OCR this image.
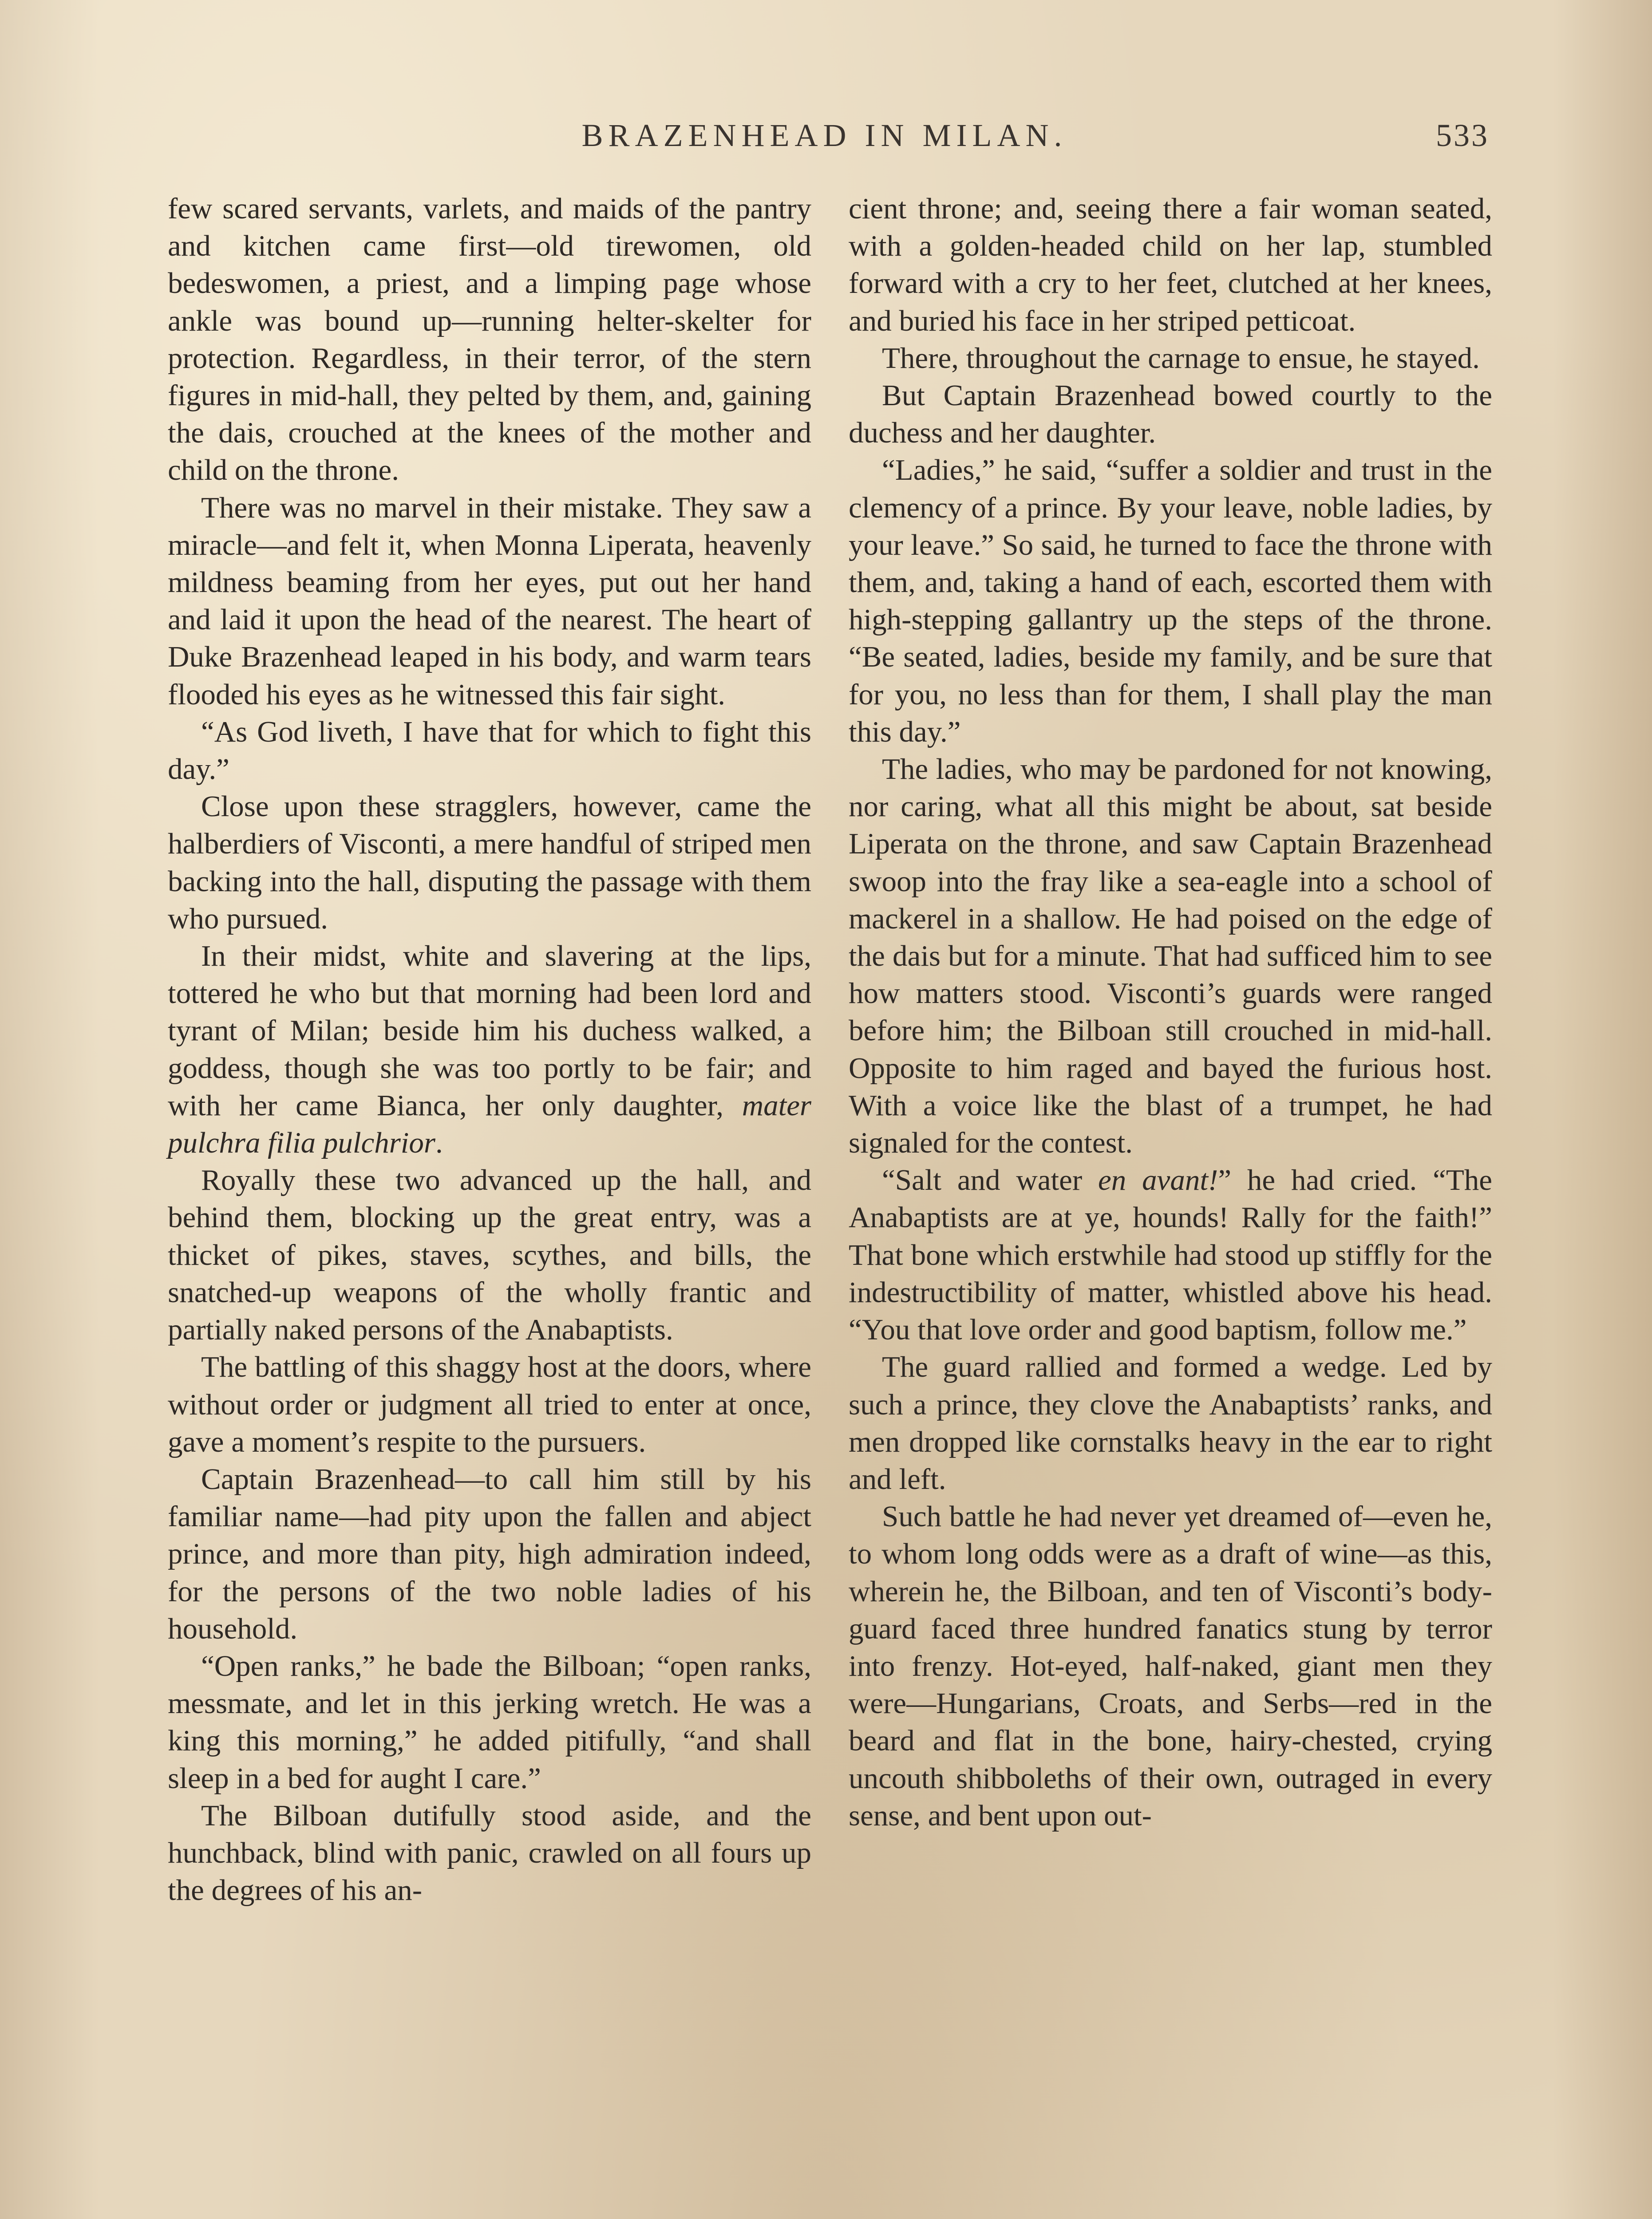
BRAZENHEAD IN MILAN.	533

few scared servants, varlets, and maids of the pantry and kitchen came first—old tirewomen, old bedeswomen, a priest, and a limping page whose ankle was bound up—running helter-skelter for protection. Regardless, in their terror, of the stern figures in mid-hall, they pelted by them, and, gaining the dais, crouched at the knees of the mother and child on the throne.

There was no marvel in their mistake. They saw a miracle—and felt it, when Monna Liperata, heavenly mildness beaming from her eyes, put out her hand and laid it upon the head of the nearest. The heart of Duke Brazenhead leaped in his body, and warm tears flooded his eyes as he witnessed this fair sight.

“As God liveth, I have that for which to fight this day.”

Close upon these stragglers, however, came the halberdiers of Visconti, a mere handful of striped men backing into the hall, disputing the passage with them who pursued.

In their midst, white and slavering at the lips, tottered he who but that morning had been lord and tyrant of Milan; beside him his duchess walked, a goddess, though she was too portly to be fair; and with her came Bianca, her only daughter, mater pulchra filia pulchrior.

Royally these two advanced up the hall, and behind them, blocking up the great entry, was a thicket of pikes, staves, scythes, and bills, the snatched-up weapons of the wholly frantic and partially naked persons of the Anabaptists.

The battling of this shaggy host at the doors, where without order or judgment all tried to enter at once, gave a moment’s respite to the pursuers.

Captain Brazenhead—to call him still by his familiar name—had pity upon the fallen and abject prince, and more than pity, high admiration indeed, for the persons of the two noble ladies of his household.

“Open ranks,” he bade the Bilboan; “open ranks, messmate, and let in this jerking wretch. He was a king this morning,” he added pitifully, “and shall sleep in a bed for aught I care.”

The Bilboan dutifully stood aside, and the hunchback, blind with panic, crawled on all fours up the degrees of his an-

cient throne; and, seeing there a fair woman seated, with a golden-headed child on her lap, stumbled forward with a cry to her feet, clutched at her knees, and buried his face in her striped petticoat.

There, throughout the carnage to ensue, he stayed.

But Captain Brazenhead bowed courtly to the duchess and her daughter.

“Ladies,” he said, “suffer a soldier and trust in the clemency of a prince. By your leave, noble ladies, by your leave.” So said, he turned to face the throne with them, and, taking a hand of each, escorted them with high-stepping gallantry up the steps of the throne. “Be seated, ladies, beside my family, and be sure that for you, no less than for them, I shall play the man this day.”

The ladies, who may be pardoned for not knowing, nor caring, what all this might be about, sat beside Liperata on the throne, and saw Captain Brazenhead swoop into the fray like a sea-eagle into a school of mackerel in a shallow. He had poised on the edge of the dais but for a minute. That had sufficed him to see how matters stood. Visconti’s guards were ranged before him; the Bilboan still crouched in mid-hall. Opposite to him raged and bayed the furious host. With a voice like the blast of a trumpet, he had signaled for the contest.

“Salt and water en avant!” he had cried. “The Anabaptists are at ye, hounds! Rally for the faith!” That bone which erstwhile had stood up stiffly for the indestructibility of matter, whistled above his head. “You that love order and good baptism, follow me.”

The guard rallied and formed a wedge. Led by such a prince, they clove the Anabaptists’ ranks, and men dropped like cornstalks heavy in the ear to right and left.

Such battle he had never yet dreamed of—even he, to whom long odds were as a draft of wine—as this, wherein he, the Bilboan, and ten of Visconti’s body-guard faced three hundred fanatics stung by terror into frenzy. Hot-eyed, half-naked, giant men they were—Hungarians, Croats, and Serbs—red in the beard and flat in the bone, hairy-chested, crying uncouth shibboleths of their own, outraged in every sense, and bent upon out-
